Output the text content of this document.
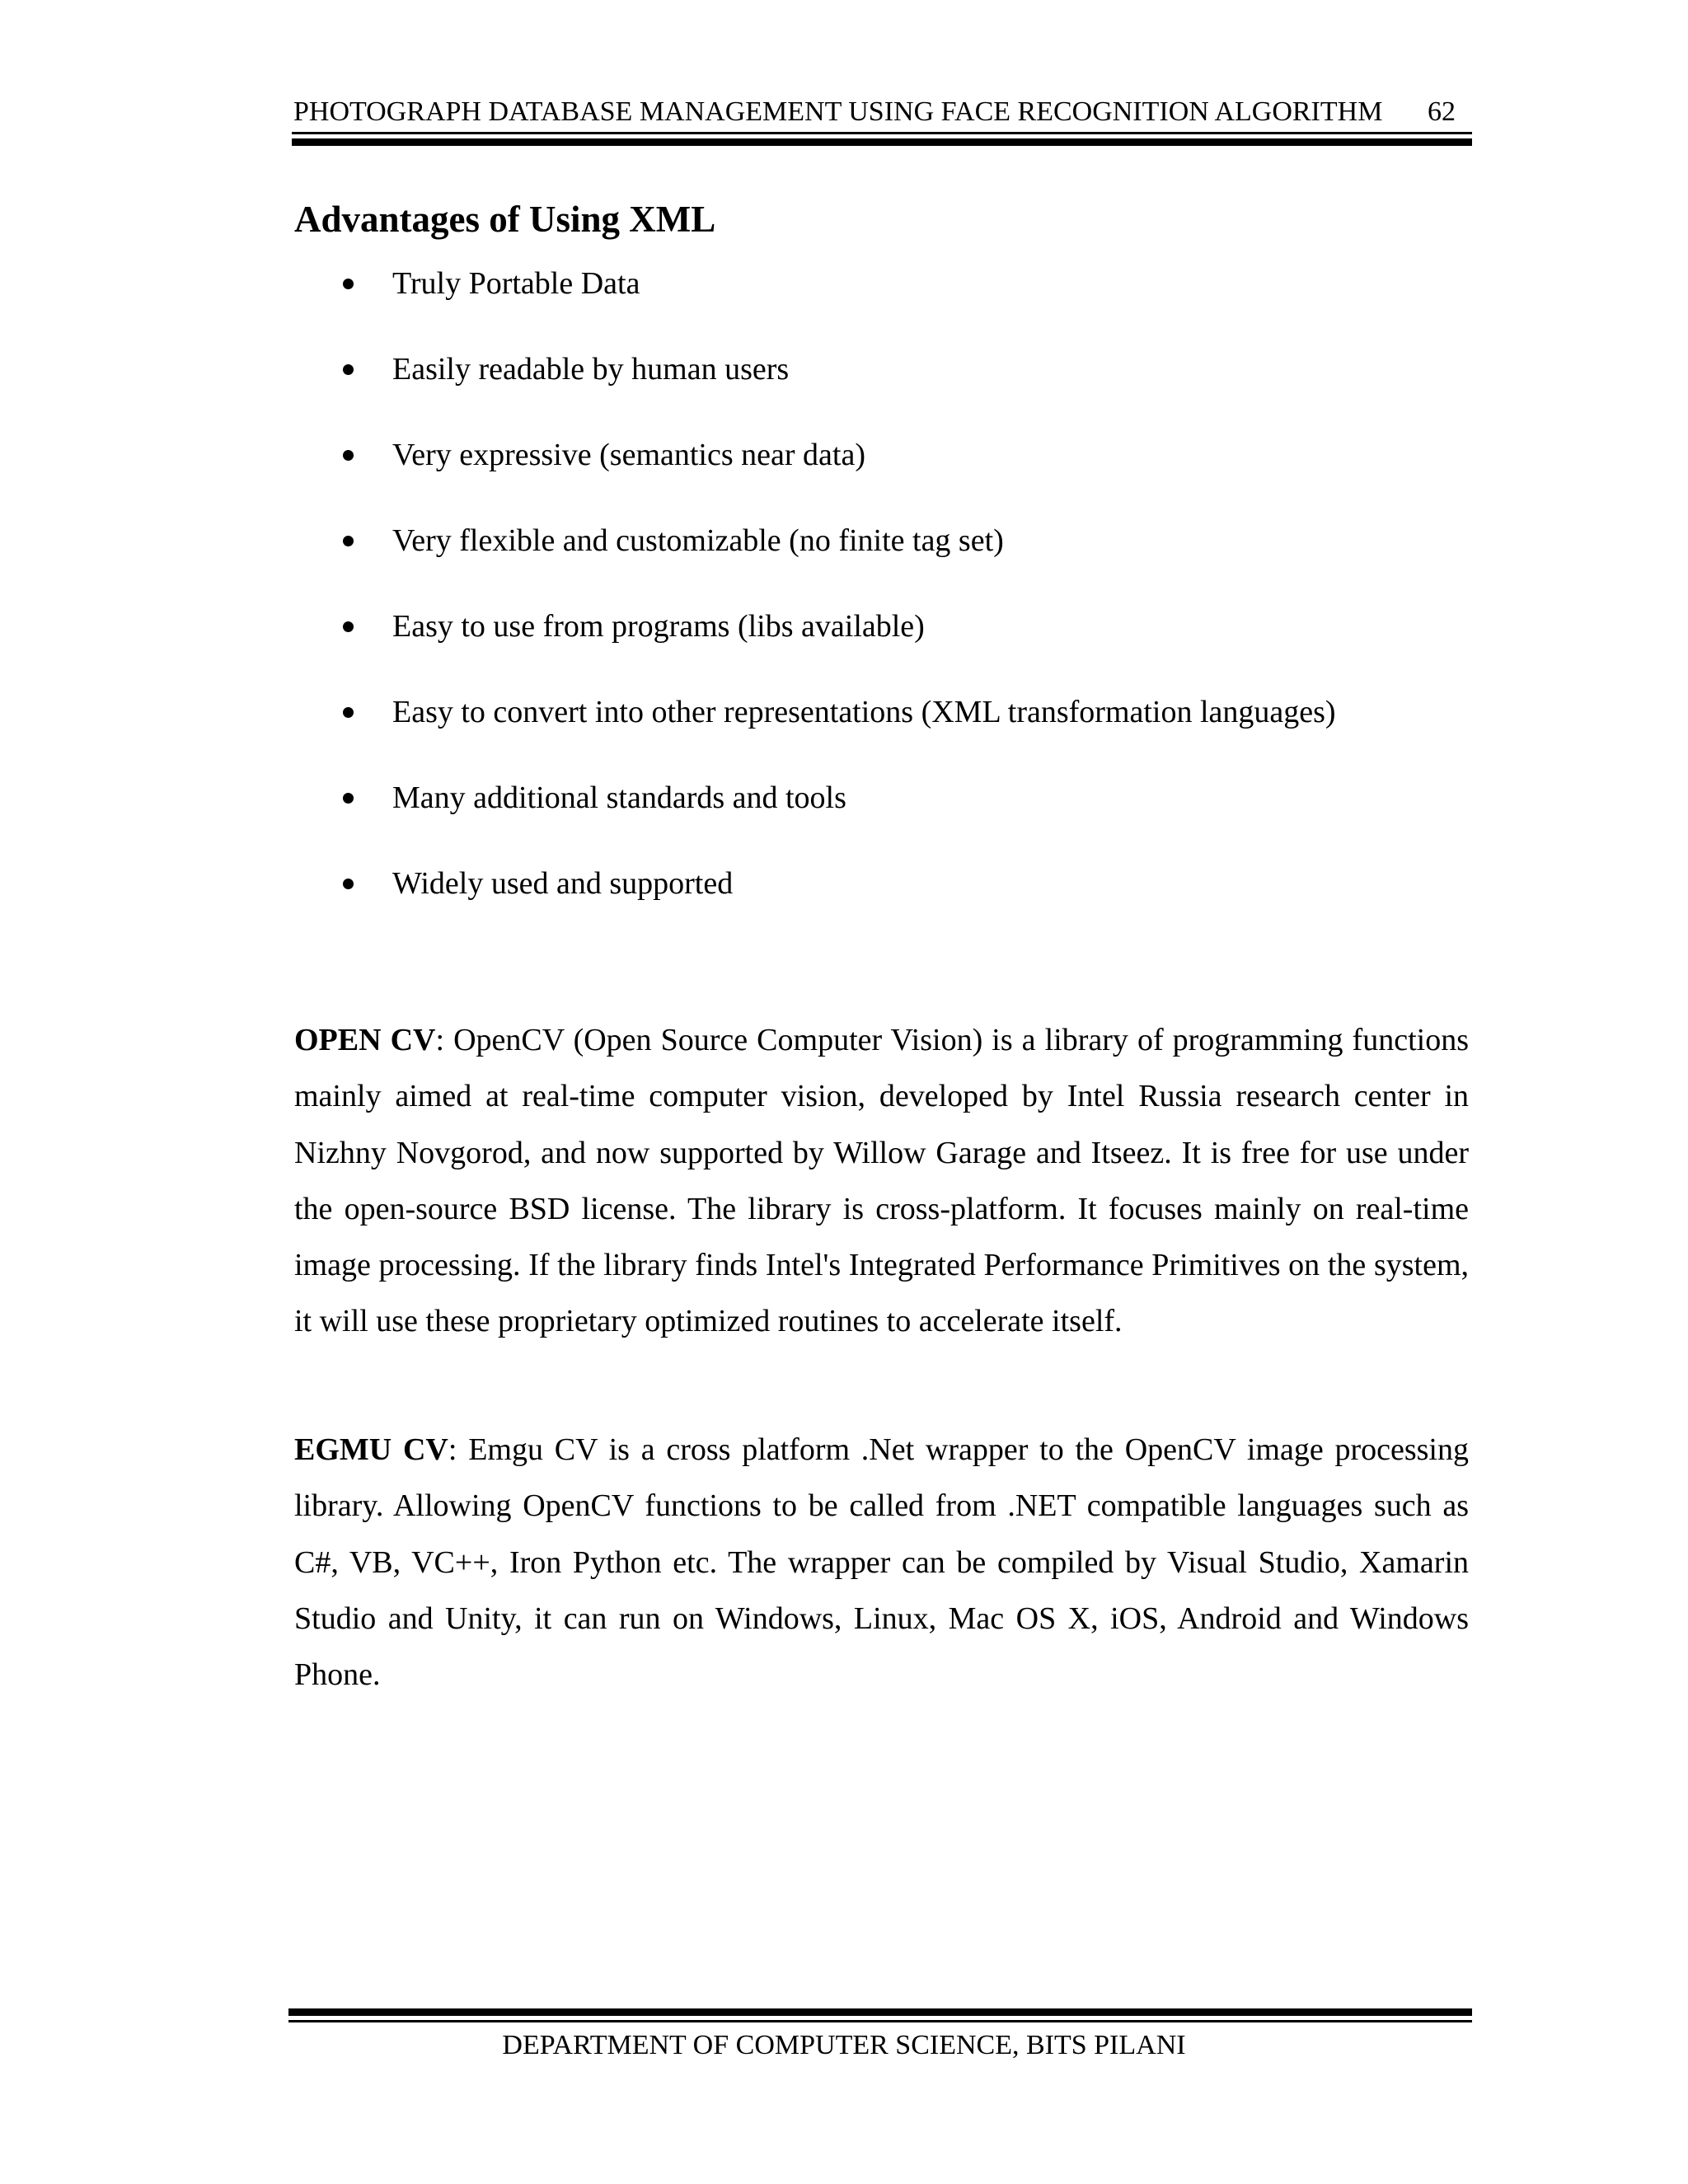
PHOTOGRAPH DATABASE MANAGEMENT USING FACE RECOGNITION ALGORITHM 62
Advantages of Using XML
Truly Portable Data
Easily readable by human users
Very expressive (semantics near data)
Very flexible and customizable (no finite tag set)
Easy to use from programs (libs available)
Easy to convert into other representations (XML transformation languages)
Many additional standards and tools
Widely used and supported

OPEN CV: OpenCV (Open Source Computer Vision) is a library of programming functions mainly aimed at real-time computer vision, developed by Intel Russia research center in Nizhny Novgorod, and now supported by Willow Garage and Itseez. It is free for use under the open-source BSD license. The library is cross-platform. It focuses mainly on real-time image processing. If the library finds Intel's Integrated Performance Primitives on the system, it will use these proprietary optimized routines to accelerate itself.

EGMU CV: Emgu CV is a cross platform .Net wrapper to the OpenCV image processing library. Allowing OpenCV functions to be called from .NET compatible languages such as C#, VB, VC++, Iron Python etc. The wrapper can be compiled by Visual Studio, Xamarin Studio and Unity, it can run on Windows, Linux, Mac OS X, iOS, Android and Windows Phone.

DEPARTMENT OF COMPUTER SCIENCE, BITS PILANI
